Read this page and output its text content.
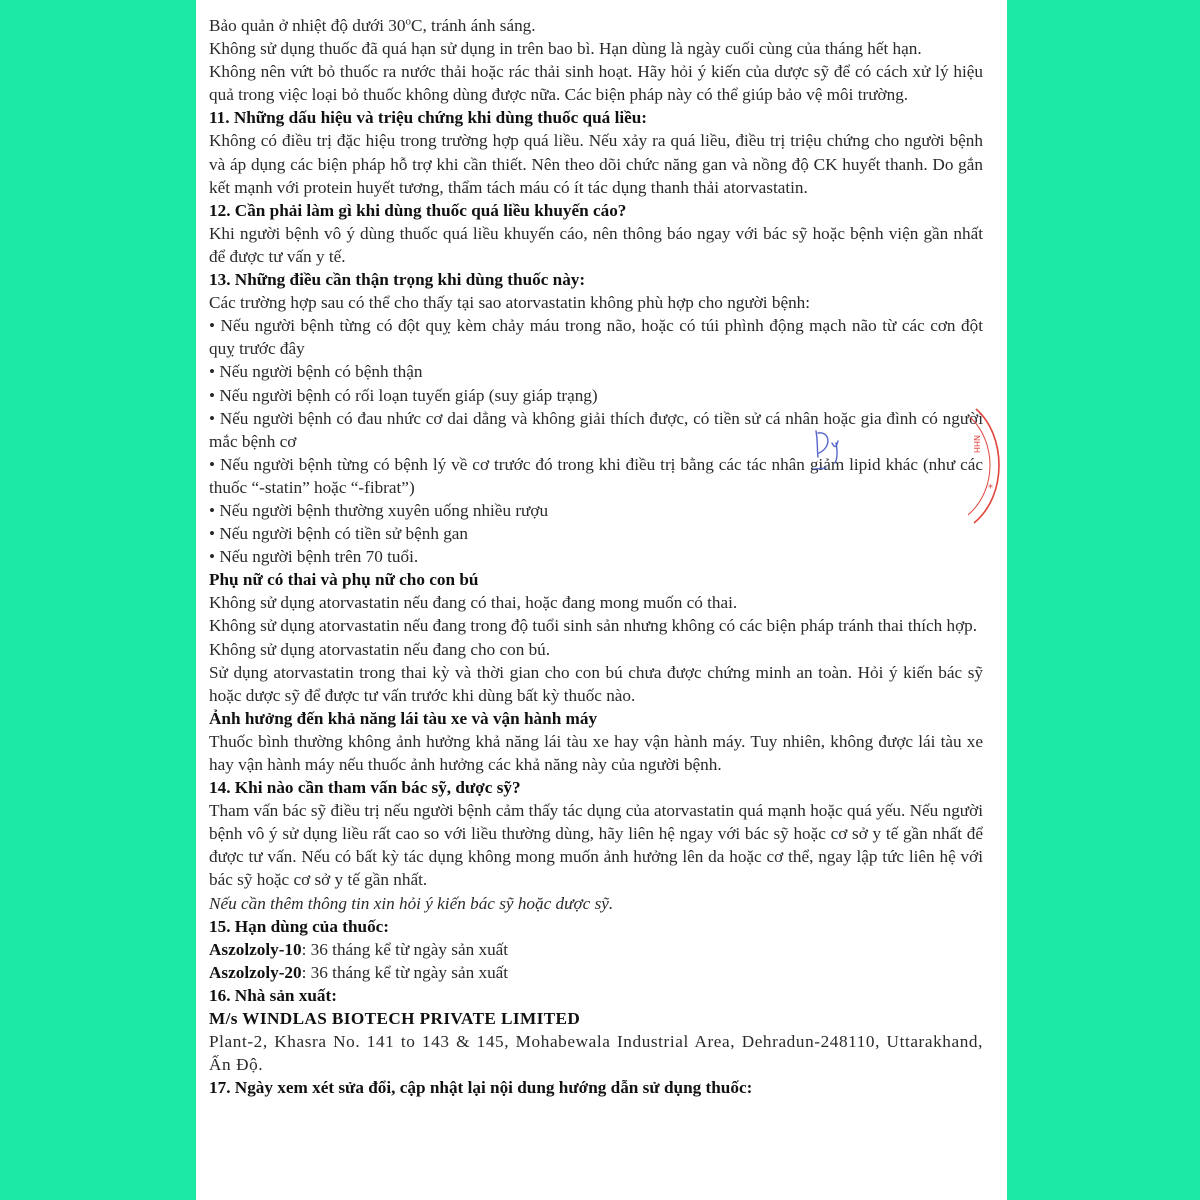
Bảo quản ở nhiệt độ dưới 30$^o$C, tránh ánh sáng.

Không sử dụng thuốc đã quá hạn sử dụng in trên bao bì. Hạn dùng là ngày cuối cùng của tháng hết hạn.

Không nên vứt bỏ thuốc ra nước thải hoặc rác thải sinh hoạt. Hãy hỏi ý kiến của dược sỹ để có cách xử lý hiệu quả trong việc loại bỏ thuốc không dùng được nữa. Các biện pháp này có thể giúp bảo vệ môi trường.

11. Những dấu hiệu và triệu chứng khi dùng thuốc quá liều:

Không có điều trị đặc hiệu trong trường hợp quá liều. Nếu xảy ra quá liều, điều trị triệu chứng cho người bệnh và áp dụng các biện pháp hỗ trợ khi cần thiết. Nên theo dõi chức năng gan và nồng độ CK huyết thanh. Do gắn kết mạnh với protein huyết tương, thẩm tách máu có ít tác dụng thanh thải atorvastatin.

12. Cần phải làm gì khi dùng thuốc quá liều khuyến cáo?

Khi người bệnh vô ý dùng thuốc quá liều khuyến cáo, nên thông báo ngay với bác sỹ hoặc bệnh viện gần nhất để được tư vấn y tế.

13. Những điều cần thận trọng khi dùng thuốc này:

Các trường hợp sau có thể cho thấy tại sao atorvastatin không phù hợp cho người bệnh:

• Nếu người bệnh từng có đột quỵ kèm chảy máu trong não, hoặc có túi phình động mạch não từ các cơn đột quỵ trước đây

• Nếu người bệnh có bệnh thận

• Nếu người bệnh có rối loạn tuyến giáp (suy giáp trạng)

• Nếu người bệnh có đau nhức cơ dai dẳng và không giải thích được, có tiền sử cá nhân hoặc gia đình có người mắc bệnh cơ

• Nếu người bệnh từng có bệnh lý về cơ trước đó trong khi điều trị bằng các tác nhân giảm lipid khác (như các thuốc “-statin” hoặc “-fibrat”)

• Nếu người bệnh thường xuyên uống nhiều rượu

• Nếu người bệnh có tiền sử bệnh gan

• Nếu người bệnh trên 70 tuổi.

Phụ nữ có thai và phụ nữ cho con bú

Không sử dụng atorvastatin nếu đang có thai, hoặc đang mong muốn có thai.

Không sử dụng atorvastatin nếu đang trong độ tuổi sinh sản nhưng không có các biện pháp tránh thai thích hợp.

Không sử dụng atorvastatin nếu đang cho con bú.

Sử dụng atorvastatin trong thai kỳ và thời gian cho con bú chưa được chứng minh an toàn. Hỏi ý kiến bác sỹ hoặc dược sỹ để được tư vấn trước khi dùng bất kỳ thuốc nào.

Ảnh hưởng đến khả năng lái tàu xe và vận hành máy

Thuốc bình thường không ảnh hưởng khả năng lái tàu xe hay vận hành máy. Tuy nhiên, không được lái tàu xe hay vận hành máy nếu thuốc ảnh hưởng các khả năng này của người bệnh.

14. Khi nào cần tham vấn bác sỹ, dược sỹ?

Tham vấn bác sỹ điều trị nếu người bệnh cảm thấy tác dụng của atorvastatin quá mạnh hoặc quá yếu. Nếu người bệnh vô ý sử dụng liều rất cao so với liều thường dùng, hãy liên hệ ngay với bác sỹ hoặc cơ sở y tế gần nhất để được tư vấn. Nếu có bất kỳ tác dụng không mong muốn ảnh hưởng lên da hoặc cơ thể, ngay lập tức liên hệ với bác sỹ hoặc cơ sở y tế gần nhất.

Nếu cần thêm thông tin xin hỏi ý kiến bác sỹ hoặc dược sỹ.

15. Hạn dùng của thuốc:

Aszolzoly-10: 36 tháng kể từ ngày sản xuất

Aszolzoly-20: 36 tháng kể từ ngày sản xuất

16. Nhà sản xuất:
M/s WINDLAS BIOTECH PRIVATE LIMITED

Plant-2, Khasra No. 141 to 143 & 145, Mohabewala Industrial Area, Dehradun-248110, Uttarakhand, Ấn Độ.

17. Ngày xem xét sửa đổi, cập nhật lại nội dung hướng dẫn sử dụng thuốc:
NHH
*
